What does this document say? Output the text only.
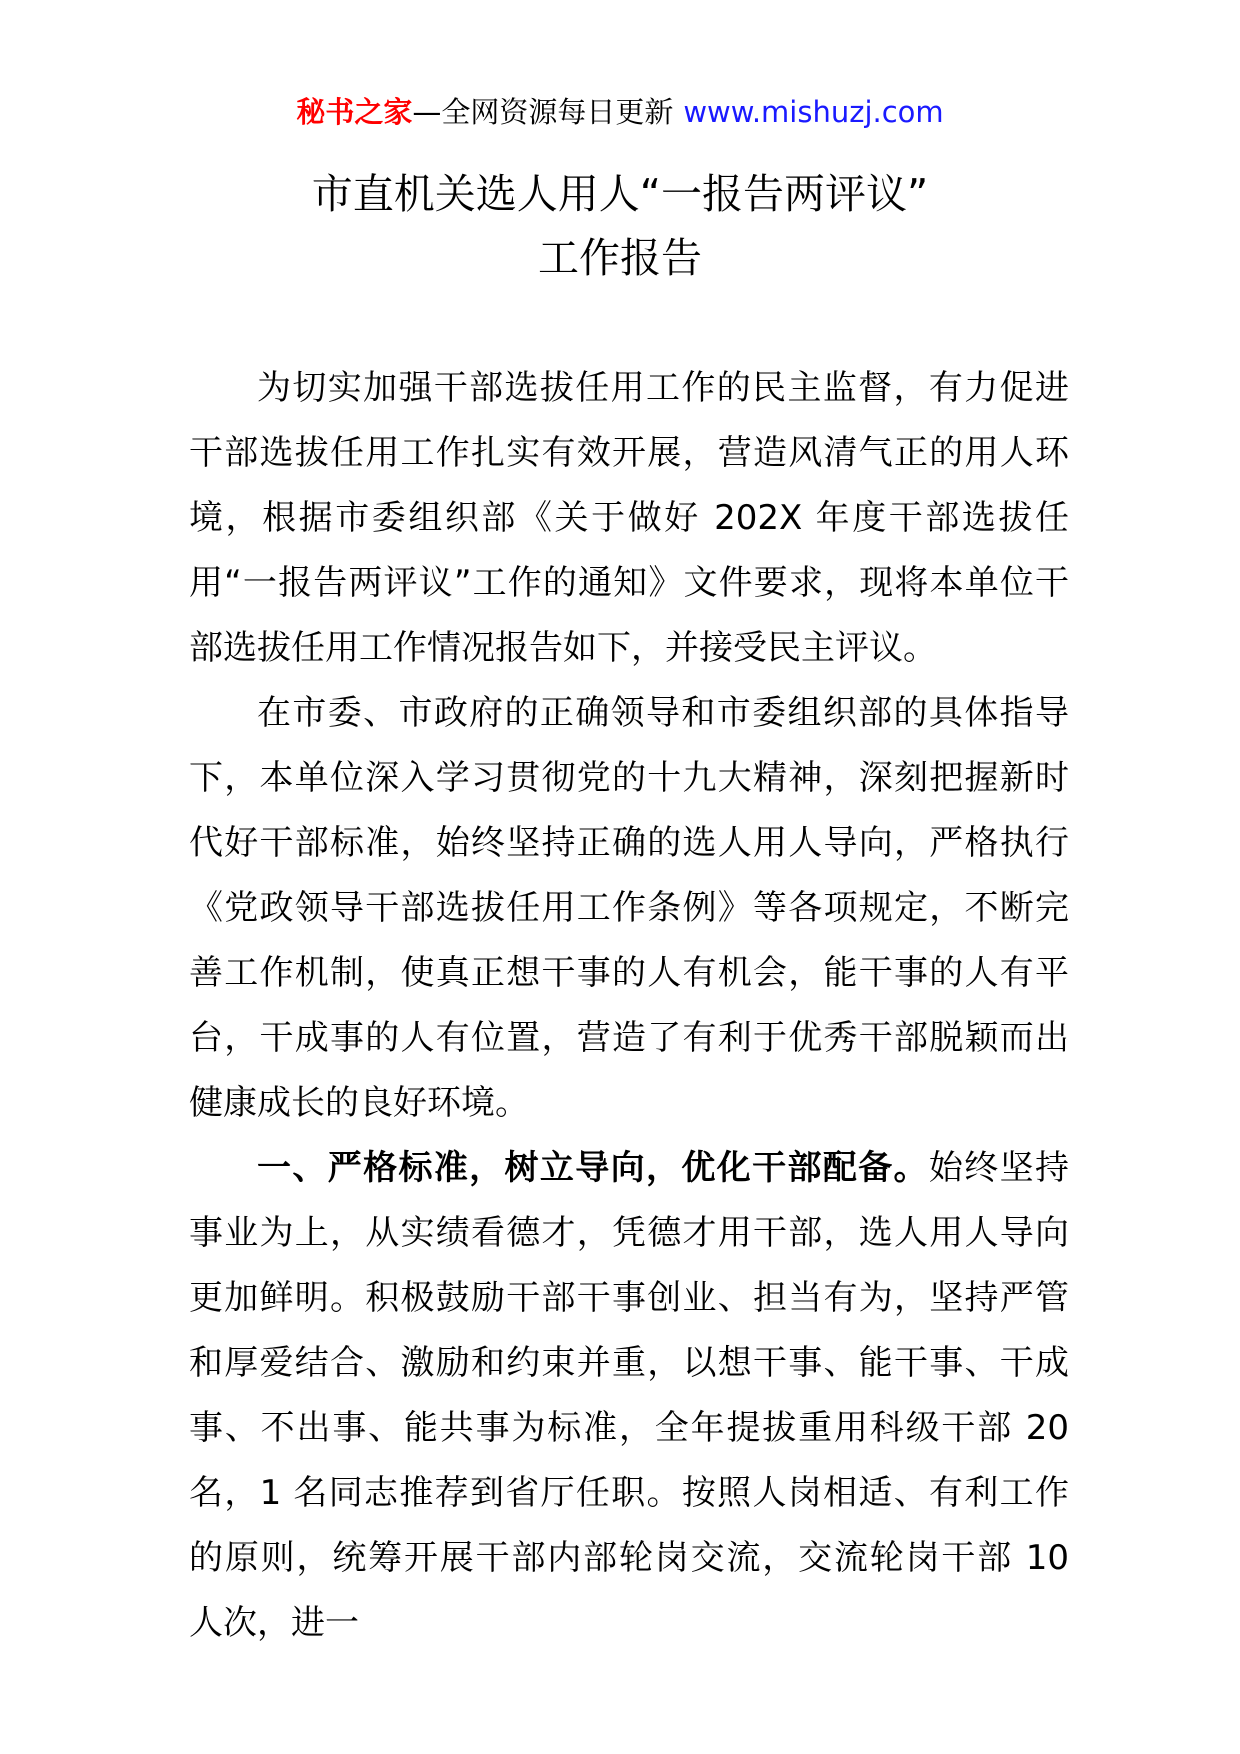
秘书之家—全网资源每日更新 www.mishuzj.com
市直机关选人用人“一报告两评议”
工作报告

为切实加强干部选拔任用工作的民主监督，有力促进干部选拔任用工作扎实有效开展，营造风清气正的用人环境，根据市委组织部《关于做好 202X 年度干部选拔任用“一报告两评议”工作的通知》文件要求，现将本单位干部选拔任用工作情况报告如下，并接受民主评议。

在市委、市政府的正确领导和市委组织部的具体指导下，本单位深入学习贯彻党的十九大精神，深刻把握新时代好干部标准，始终坚持正确的选人用人导向，严格执行《党政领导干部选拔任用工作条例》等各项规定，不断完善工作机制，使真正想干事的人有机会，能干事的人有平台，干成事的人有位置，营造了有利于优秀干部脱颖而出健康成长的良好环境。

一、严格标准，树立导向，优化干部配备。始终坚持事业为上，从实绩看德才，凭德才用干部，选人用人导向更加鲜明。积极鼓励干部干事创业、担当有为，坚持严管和厚爱结合、激励和约束并重，以想干事、能干事、干成事、不出事、能共事为标准，全年提拔重用科级干部 20 名，1 名同志推荐到省厅任职。按照人岗相适、有利工作的原则，统筹开展干部内部轮岗交流，交流轮岗干部 10 人次，进一
